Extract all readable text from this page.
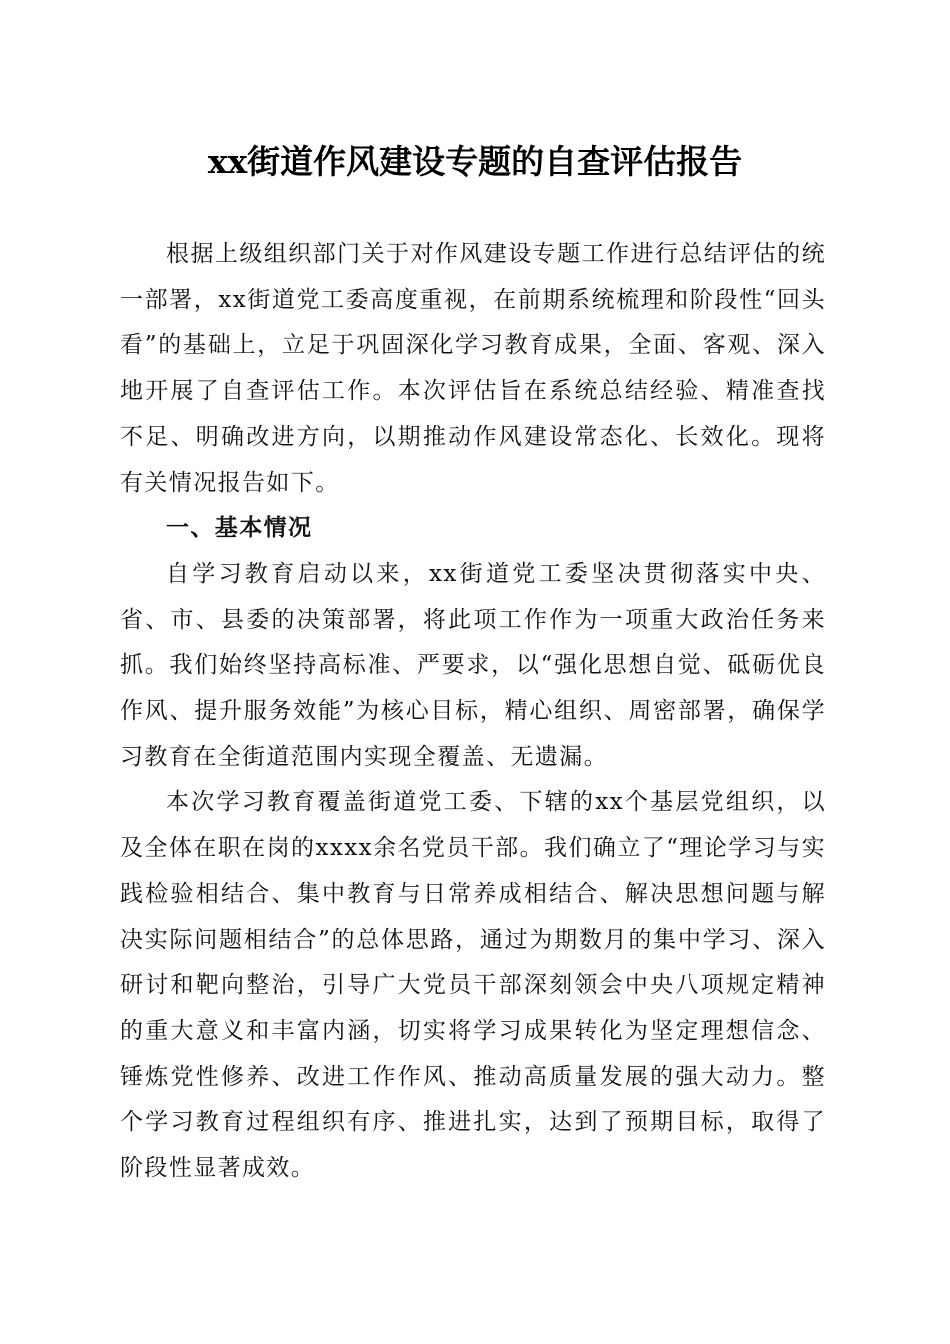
xx街道作风建设专题的自查评估报告

根据上级组织部门关于对作风建设专题工作进行总结评估的统一部署，xx街道党工委高度重视，在前期系统梳理和阶段性“回头看”的基础上，立足于巩固深化学习教育成果，全面、客观、深入地开展了自查评估工作。本次评估旨在系统总结经验、精准查找不足、明确改进方向，以期推动作风建设常态化、长效化。现将有关情况报告如下。

一、基本情况

自学习教育启动以来，xx街道党工委坚决贯彻落实中央、省、市、县委的决策部署，将此项工作作为一项重大政治任务来抓。我们始终坚持高标准、严要求，以“强化思想自觉、砥砺优良作风、提升服务效能”为核心目标，精心组织、周密部署，确保学习教育在全街道范围内实现全覆盖、无遗漏。

本次学习教育覆盖街道党工委、下辖的xx个基层党组织，以及全体在职在岗的xxxx余名党员干部。我们确立了“理论学习与实践检验相结合、集中教育与日常养成相结合、解决思想问题与解决实际问题相结合”的总体思路，通过为期数月的集中学习、深入研讨和靶向整治，引导广大党员干部深刻领会中央八项规定精神的重大意义和丰富内涵，切实将学习成果转化为坚定理想信念、锤炼党性修养、改进工作作风、推动高质量发展的强大动力。整个学习教育过程组织有序、推进扎实，达到了预期目标，取得了阶段性显著成效。
